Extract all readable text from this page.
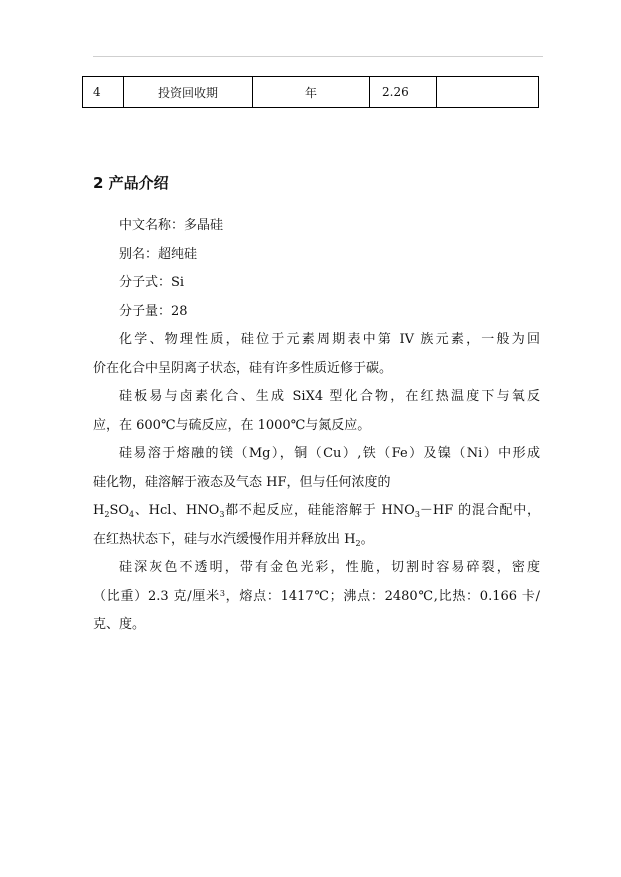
4	投资回收期	年	2.26	
2 产品介绍

中文名称：多晶硅

别名：超纯硅

分子式：Si

分子量：28

化学、物理性质，硅位于元素周期表中第 IV 族元素，一般为回

价在化合中呈阴离子状态，硅有许多性质近修于碳。

硅板易与卤素化合、生成 SiX4 型化合物，在红热温度下与氧反

应，在 600℃与硫反应，在 1000℃与氮反应。

硅易溶于熔融的镁（Mg），铜（Cu）,铁（Fe）及镍（Ni）中形成

硅化物，硅溶解于液态及气态 HF，但与任何浓度的

$H_2SO_4$、Hcl、$HNO_3$都不起反应，硅能溶解于 $HNO_3-HF$ 的混合配中，

在红热状态下，硅与水汽缓慢作用并释放出 $H_2$。

硅深灰色不透明，带有金色光彩，性脆，切割时容易碎裂，密度

（比重）2.3 克/厘米$^3$，熔点：1417℃；沸点：2480℃,比热：0.166 卡/

克、度。
